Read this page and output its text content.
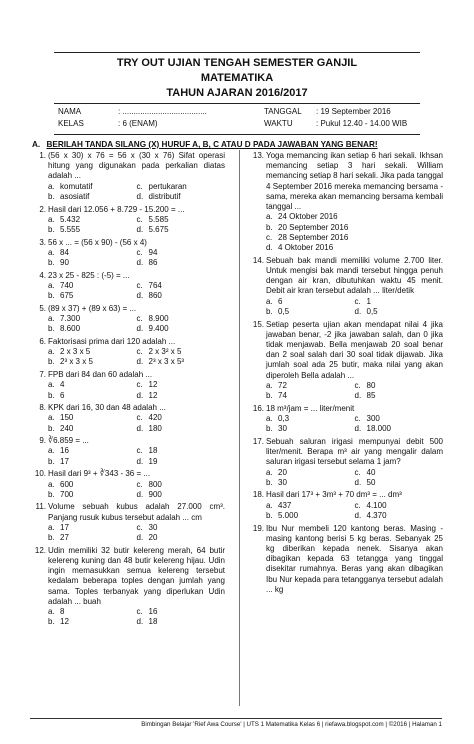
TRY OUT UJIAN TENGAH SEMESTER GANJIL
MATEMATIKA
TAHUN AJARAN 2016/2017
NAMA	: ......................................	TANGGAL : 19 September 2016
KELAS	: 6 (ENAM)	WAKTU	: Pukul 12.40 - 14.00 WIB
A. BERILAH TANDA SILANG (X) HURUF A, B, C ATAU D PADA JAWABAN YANG BENAR!
1. (56 x 30) x 76 = 56 x (30 x 76) Sifat operasi hitung yang digunakan pada perkalian diatas adalah ...
a. komutatif	c. pertukaran
b. asosiatif	d. distributif
2. Hasil dari 12.056 + 8.729 - 15.200 = ...
a. 5.432	c. 5.585
b. 5.555	d. 5.675
3. 56 x ... = (56 x 90) - (56 x 4)
a. 84	c. 94
b. 90	d. 86
4. 23 x 25 - 825 : (-5) = ...
a. 740	c. 764
b. 675	d. 860
5. (89 x 37) + (89 x 63) = ...
a. 7.300	c. 8.900
b. 8.600	d. 9.400
6. Faktorisasi prima dari 120 adalah ...
a. 2 x 3 x 5	c. 2 x 3² x 5
b. 2³ x 3 x 5	d. 2³ x 3 x 5³
7. FPB dari 84 dan 60 adalah ...
a. 4	c. 12
b. 6	d. 12
8. KPK dari 16, 30 dan 48 adalah ...
a. 150	c. 420
b. 240	d. 180
9. ∛6.859 = ...
a. 16	c. 18
b. 17	d. 19
10. Hasil dari 9³ + ∛343 - 36 = ...
a. 600	c. 800
b. 700	d. 900
11. Volume sebuah kubus adalah 27.000 cm³. Panjang rusuk kubus tersebut adalah ... cm
a. 17	c. 30
b. 27	d. 20
12. Udin memiliki 32 butir kelereng merah, 64 butir kelereng kuning dan 48 butir kelereng hijau. Udin ingin memasukkan semua kelereng tersebut kedalam beberapa toples dengan jumlah yang sama. Toples terbanyak yang diperlukan Udin adalah ... buah
a. 8	c. 16
b. 12	d. 18
13. Yoga memancing ikan setiap 6 hari sekali. Ikhsan memancing setiap 3 hari sekali. William memancing setiap 8 hari sekali. Jika pada tanggal 4 September 2016 mereka memancing bersama - sama, mereka akan memancing bersama kembali tanggal ...
a. 24 Oktober 2016
b. 20 September 2016
c. 28 September 2016
d. 4 Oktober 2016
14. Sebuah bak mandi memiliki volume 2.700 liter. Untuk mengisi bak mandi tersebut hingga penuh dengan air kran, dibutuhkan waktu 45 menit. Debit air kran tersebut adalah ... liter/detik
a. 6	c. 1
b. 0,5	d. 0,5
15. Setiap peserta ujian akan mendapat nilai 4 jika jawaban benar, -2 jika jawaban salah, dan 0 jika tidak menjawab. Bella menjawab 20 soal benar dan 2 soal salah dari 30 soal tidak dijawab. Jika jumlah soal ada 25 butir, maka nilai yang akan diperoleh Bella adalah ...
a. 72	c. 80
b. 74	d. 85
16. 18 m³/jam = ... liter/menit
a. 0,3	c. 300
b. 30	d. 18.000
17. Sebuah saluran irigasi mempunyai debit 500 liter/menit. Berapa m³ air yang mengalir dalam saluran irigasi tersebut selama 1 jam?
a. 20	c. 40
b. 30	d. 50
18. Hasil dari 17³ + 3m³ + 70 dm³ = ... dm³
a. 437	c. 4.100
b. 5.000	d. 4.370
19. Ibu Nur membeli 120 kantong beras. Masing - masing kantong berisi 5 kg beras. Sebanyak 25 kg diberikan kepada nenek. Sisanya akan dibagikan kepada 63 tetangga yang tinggal disekitar rumahnya. Beras yang akan dibagikan Ibu Nur kepada para tetangganya tersebut adalah ... kg
Bimbingan Belajar 'Rief Awa Course' | UTS 1 Matematika Kelas 6 | riefawa.blogspot.com | ©2016 | Halaman 1
